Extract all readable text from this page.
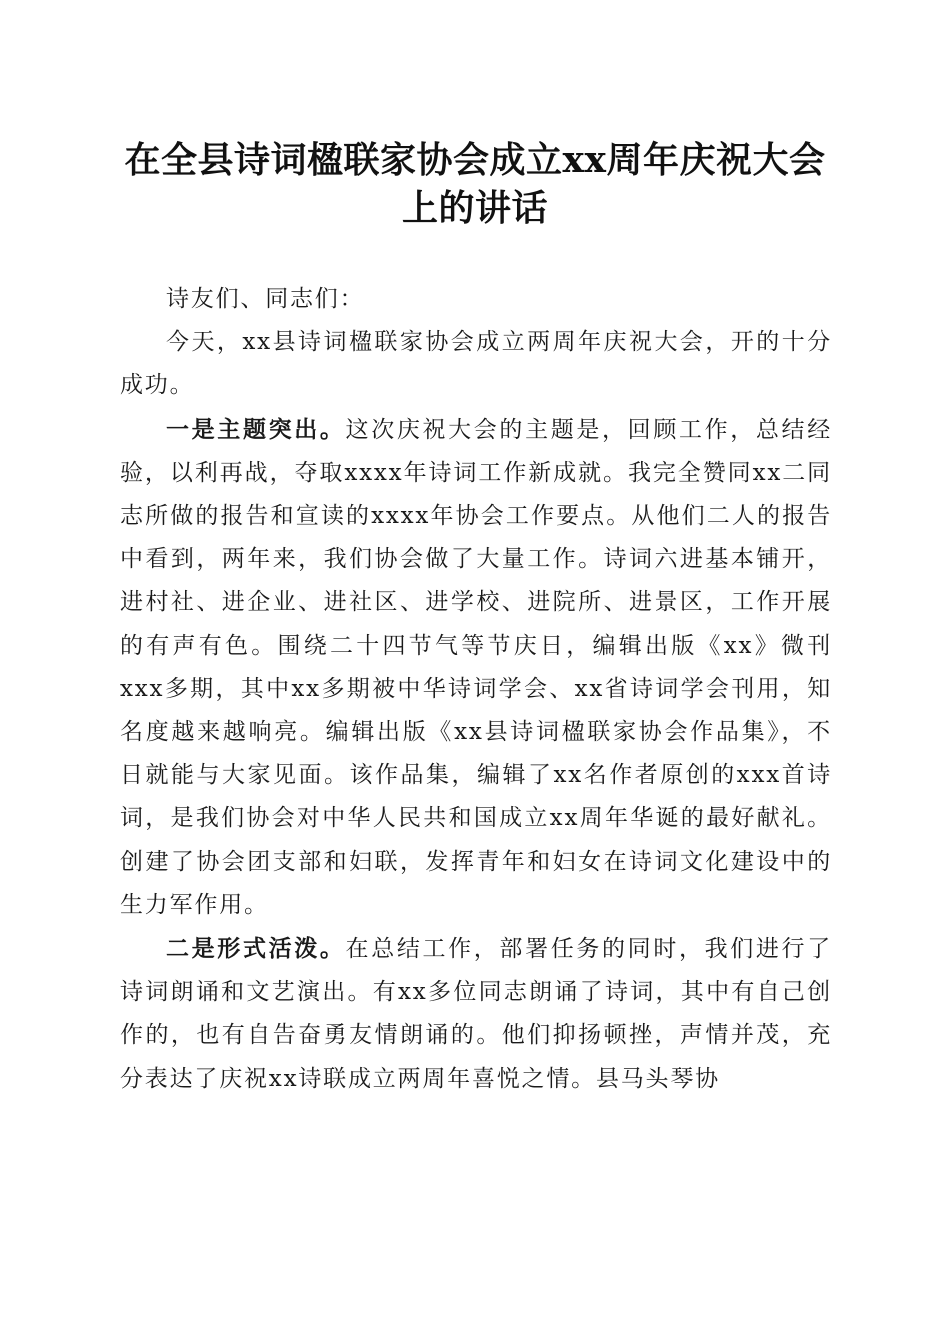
在全县诗词楹联家协会成立xx周年庆祝大会
上的讲话

诗友们、同志们：

今天，xx县诗词楹联家协会成立两周年庆祝大会，开的十分成功。

一是主题突出。这次庆祝大会的主题是，回顾工作，总结经验，以利再战，夺取xxxx年诗词工作新成就。我完全赞同xx二同志所做的报告和宣读的xxxx年协会工作要点。从他们二人的报告中看到，两年来，我们协会做了大量工作。诗词六进基本铺开，进村社、进企业、进社区、进学校、进院所、进景区，工作开展的有声有色。围绕二十四节气等节庆日，编辑出版《xx》微刊xxx多期，其中xx多期被中华诗词学会、xx省诗词学会刊用，知名度越来越响亮。编辑出版《xx县诗词楹联家协会作品集》，不日就能与大家见面。该作品集，编辑了xx名作者原创的xxx首诗词，是我们协会对中华人民共和国成立xx周年华诞的最好献礼。创建了协会团支部和妇联，发挥青年和妇女在诗词文化建设中的生力军作用。

二是形式活泼。在总结工作，部署任务的同时，我们进行了诗词朗诵和文艺演出。有xx多位同志朗诵了诗词，其中有自己创作的，也有自告奋勇友情朗诵的。他们抑扬顿挫，声情并茂，充分表达了庆祝xx诗联成立两周年喜悦之情。县马头琴协
